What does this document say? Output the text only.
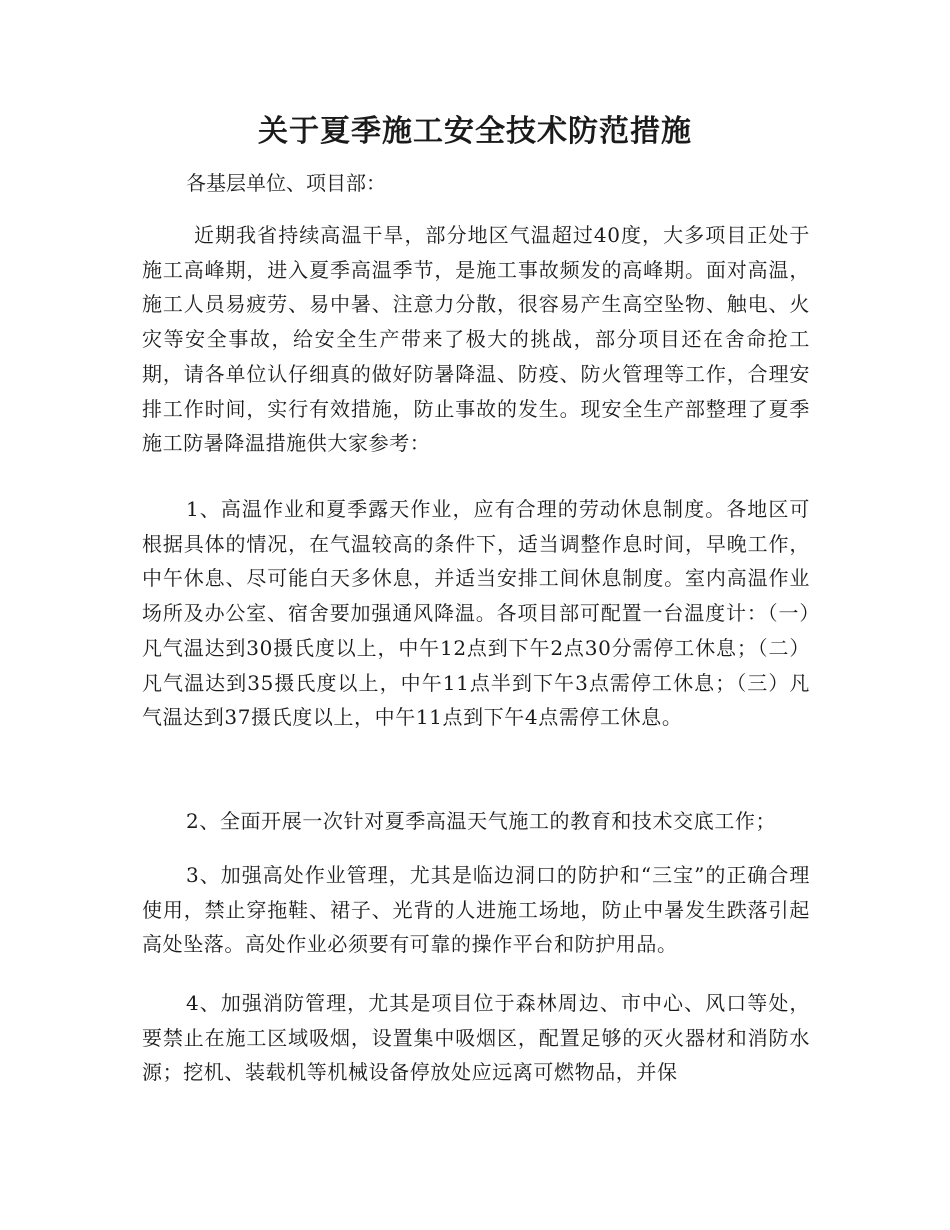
关于夏季施工安全技术防范措施

各基层单位、项目部：

近期我省持续高温干旱，部分地区气温超过40度，大多项目正处于施工高峰期，进入夏季高温季节，是施工事故频发的高峰期。面对高温，施工人员易疲劳、易中暑、注意力分散，很容易产生高空坠物、触电、火灾等安全事故，给安全生产带来了极大的挑战，部分项目还在舍命抢工期，请各单位认仔细真的做好防暑降温、防疫、防火管理等工作，合理安排工作时间，实行有效措施，防止事故的发生。现安全生产部整理了夏季施工防暑降温措施供大家参考：

1、高温作业和夏季露天作业，应有合理的劳动休息制度。各地区可根据具体的情况，在气温较高的条件下，适当调整作息时间，早晚工作，中午休息、尽可能白天多休息，并适当安排工间休息制度。室内高温作业场所及办公室、宿舍要加强通风降温。各项目部可配置一台温度计：（一）凡气温达到30摄氏度以上，中午12点到下午2点30分需停工休息；（二）凡气温达到35摄氏度以上，中午11点半到下午3点需停工休息；（三）凡气温达到37摄氏度以上，中午11点到下午4点需停工休息。

2、全面开展一次针对夏季高温天气施工的教育和技术交底工作；

3、加强高处作业管理，尤其是临边洞口的防护和“三宝”的正确合理使用，禁止穿拖鞋、裙子、光背的人进施工场地，防止中暑发生跌落引起高处坠落。高处作业必须要有可靠的操作平台和防护用品。

4、加强消防管理，尤其是项目位于森林周边、市中心、风口等处，要禁止在施工区域吸烟，设置集中吸烟区，配置足够的灭火器材和消防水源；挖机、装载机等机械设备停放处应远离可燃物品，并保
